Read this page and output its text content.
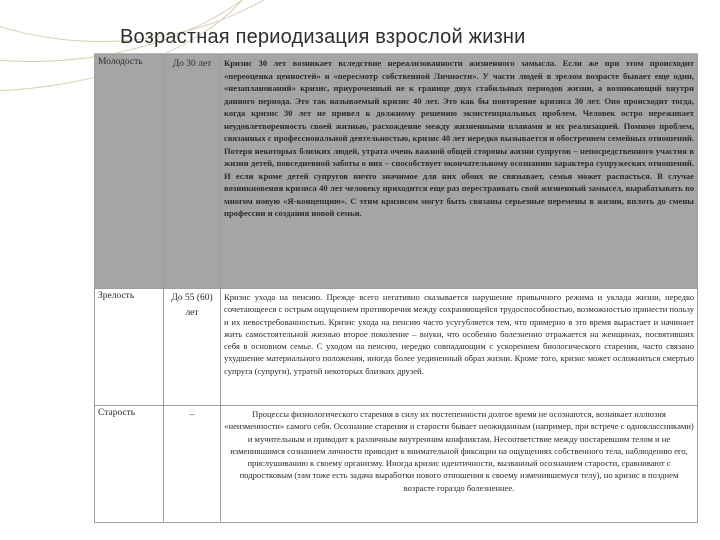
Возрастная периодизация взрослой жизни
Молодость	До 30 лет	Кризис 30 лет возникает вследствие нереализованности жизненного замысла. Если же при этом происходит «переоценка ценностей» и «пересмотр собственной Личности». У части людей в зрелом возрасте бывает еще один, «незапланований» кризис, приуроченный не к границе двух стабильных периодов жизни, а возникающий внутри данного периода. Это так называемый кризис 40 лет. Это как бы повторение кризиса 30 лет. Оно происходит тогда, когда кризис 30 лет не привел к должному решению экзистенциальных проблем. Человек остро переживает неудовлетворенность своей жизнью, расхождение между жизненными планами и их реализацией. Помимо проблем, связанных с профессиональной деятельностью, кризис 40 лет нередко вызывается и обострением семейных отношений. Потеря некоторых близких людей, утрата очень важной общей стороны жизни супругов – непосредственного участия в жизни детей, повседневной заботы о них – способствует окончательному осознанию характера супружеских отношений. И если кроме детей супругов ничто значимое для них обоих не связывает, семья может распасться. В случае возникновения кризиса 40 лет человеку приходится еще раз перестраивать свой жизненный замысел, вырабатывать во многом новую «Я-концепцию». С этим кризисом могут быть связаны серьезные перемены в жизни, вплоть до смены профессии и создания новой семьи.
Зрелость	До 55 (60) лет	Кризис ухода на пенсию. Прежде всего негативно сказывается нарушение привычного режима и уклада жизни, нередко сочетающееся с острым ощущением противоречия между сохраняющейся трудоспособностью, возможностью принести пользу и их невостребованностью. Кризис ухода на пенсию часто усугубляется тем, что примерно в это время вырастает и начинает жить самостоятельной жизнью второе поколение – внуки, что особенно болезненно отражается на женщинах, посвятивших себя в основном семье. С уходом на пенсию, нередко совпадающим с ускорением биологического старения, часто связано ухудшение материального положения, иногда более уединенный образ жизни. Кроме того, кризис может осложниться смертью супруга (супруги), утратой некоторых близких друзей.
Старость	–	Процессы физиологического старения в силу их постепенности долгое время не осознаются, возникает иллюзия «неизменности» самого себя. Осознание старения и старости бывает неожиданным (например, при встрече с одноклассниками) и мучительным и приводит к различным внутренним конфликтам. Несоответствие между постаревшим телом и не изменившимся сознанием личности приводит к внимательной фиксации на ощущениях собственного тела, наблюдению его, прислушиванию к своему организму. Иногда кризис идентичности, вызванный осознанием старости, сравнивают с подростковым (там тоже есть задача выработки нового отношения к своему изменившемуся телу), но кризис в позднем возрасте гораздо болезненнее.
